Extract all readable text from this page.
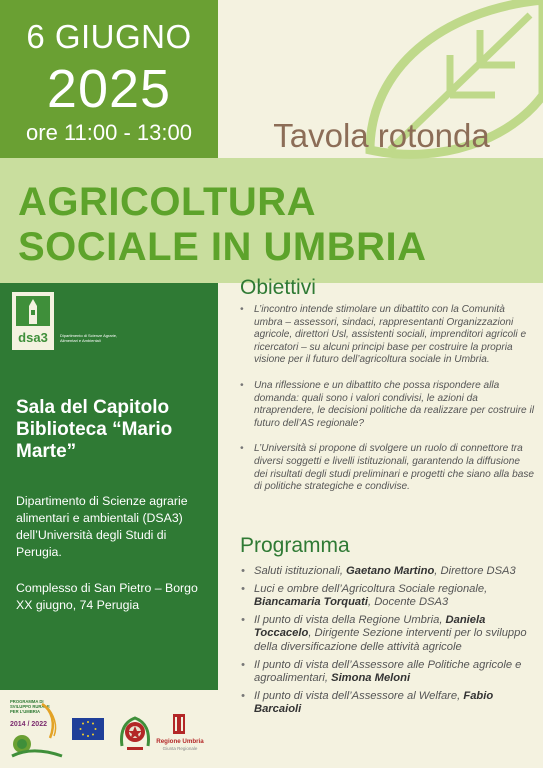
6 GIUGNO
2025
ore 11:00 - 13:00	Tavola rotonda
AGRICOLTURA
SOCIALE IN UMBRIA
dsa3	Dipartimento di Scienze Agrarie, Alimentari e Ambientali
Sala del Capitolo
Biblioteca “Mario
Marte”
Dipartimento di Scienze agrarie alimentari e ambientali (DSA3) dell’Università degli Studi di Perugia.
Complesso di San Pietro – Borgo XX giugno, 74 Perugia
Obiettivi
• L’incontro intende stimolare un dibattito con la Comunità umbra – assessori, sindaci, rappresentanti Organizzazioni agricole, direttori Usl, assistenti sociali, imprenditori agricoli e ricercatori – su alcuni principi base per costruire la propria visione per il futuro dell’agricoltura sociale in Umbria.
• Una riflessione e un dibattito che possa rispondere alla domanda: quali sono i valori condivisi, le azioni da ntraprendere, le decisioni politiche da realizzare per costruire il futuro dell’AS regionale?
• L’Università si propone di svolgere un ruolo di connettore tra diversi soggetti e livelli istituzionali, garantendo la diffusione dei risultati degli studi preliminari e progetti che siano alla base di politiche strategiche e condivise.
Programma
• Saluti istituzionali, Gaetano Martino, Direttore DSA3
• Luci e ombre dell’Agricoltura Sociale regionale, Biancamaria Torquati, Docente DSA3
• Il punto di vista della Regione Umbria, Daniela Toccacelo, Dirigente Sezione interventi per lo sviluppo della diversificazione delle attività agricole
• Il punto di vista dell’Assessore alle Politiche agricole e agroalimentari, Simona Meloni
• Il punto di vista dell’Assessore al Welfare, Fabio Barcaioli
PROGRAMMA DI
SVILUPPO RURALE
PER L’UMBRIA
2014 / 2022
Regione Umbria
Giunta Regionale
